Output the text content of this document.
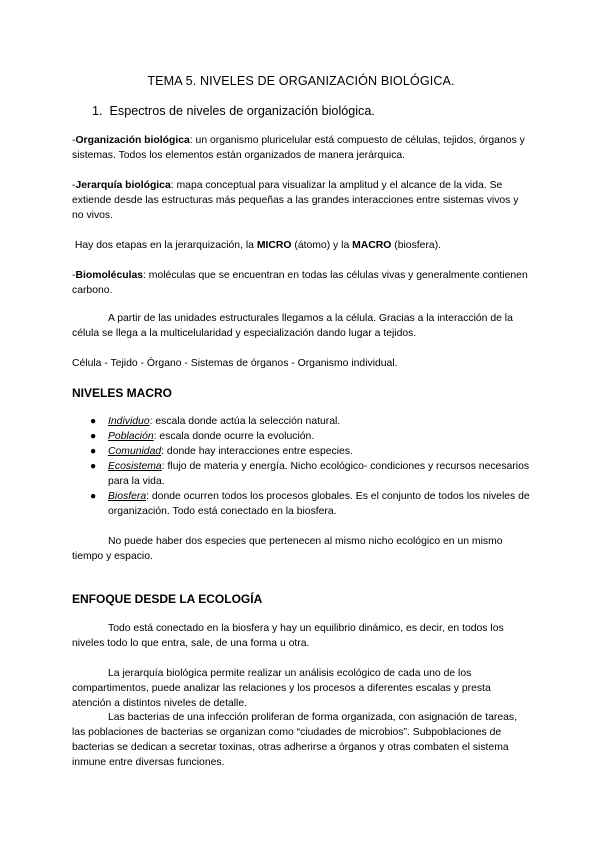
TEMA 5. NIVELES DE ORGANIZACIÓN BIOLÓGICA.
1. Espectros de niveles de organización biológica.

-Organización biológica: un organismo pluricelular está compuesto de células, tejidos, órganos y sistemas. Todos los elementos están organizados de manera jerárquica.

-Jerarquía biológica: mapa conceptual para visualizar la amplitud y el alcance de la vida. Se extiende desde las estructuras más pequeñas a las grandes interacciones entre sistemas vivos y no vivos.

Hay dos etapas en la jerarquización, la MICRO (átomo) y la MACRO (biosfera).

-Biomoléculas: moléculas que se encuentran en todas las células vivas y generalmente contienen carbono.

A partir de las unidades estructurales llegamos a la célula. Gracias a la interacción de la célula se llega a la multicelularidad y especialización dando lugar a tejidos.

Célula - Tejido - Órgano - Sistemas de órganos - Organismo individual.

NIVELES MACRO
● Individuo: escala donde actúa la selección natural.
● Población: escala donde ocurre la evolución.
● Comunidad: donde hay interacciones entre especies.
● Ecosistema: flujo de materia y energía. Nicho ecológico- condiciones y recursos necesarios para la vida.
● Biosfera: donde ocurren todos los procesos globales. Es el conjunto de todos los niveles de organización. Todo está conectado en la biosfera.

No puede haber dos especies que pertenecen al mismo nicho ecológico en un mismo tiempo y espacio.

ENFOQUE DESDE LA ECOLOGÍA

Todo está conectado en la biosfera y hay un equilibrio dinámico, es decir, en todos los niveles todo lo que entra, sale, de una forma u otra.

La jerarquía biológica permite realizar un análisis ecológico de cada uno de los compartimentos, puede analizar las relaciones y los procesos a diferentes escalas y presta atención a distintos niveles de detalle.

Las bacterias de una infección proliferan de forma organizada, con asignación de tareas, las poblaciones de bacterias se organizan como “ciudades de microbios”. Subpoblaciones de bacterias se dedican a secretar toxinas, otras adherirse a órganos y otras combaten el sistema inmune entre diversas funciones.
